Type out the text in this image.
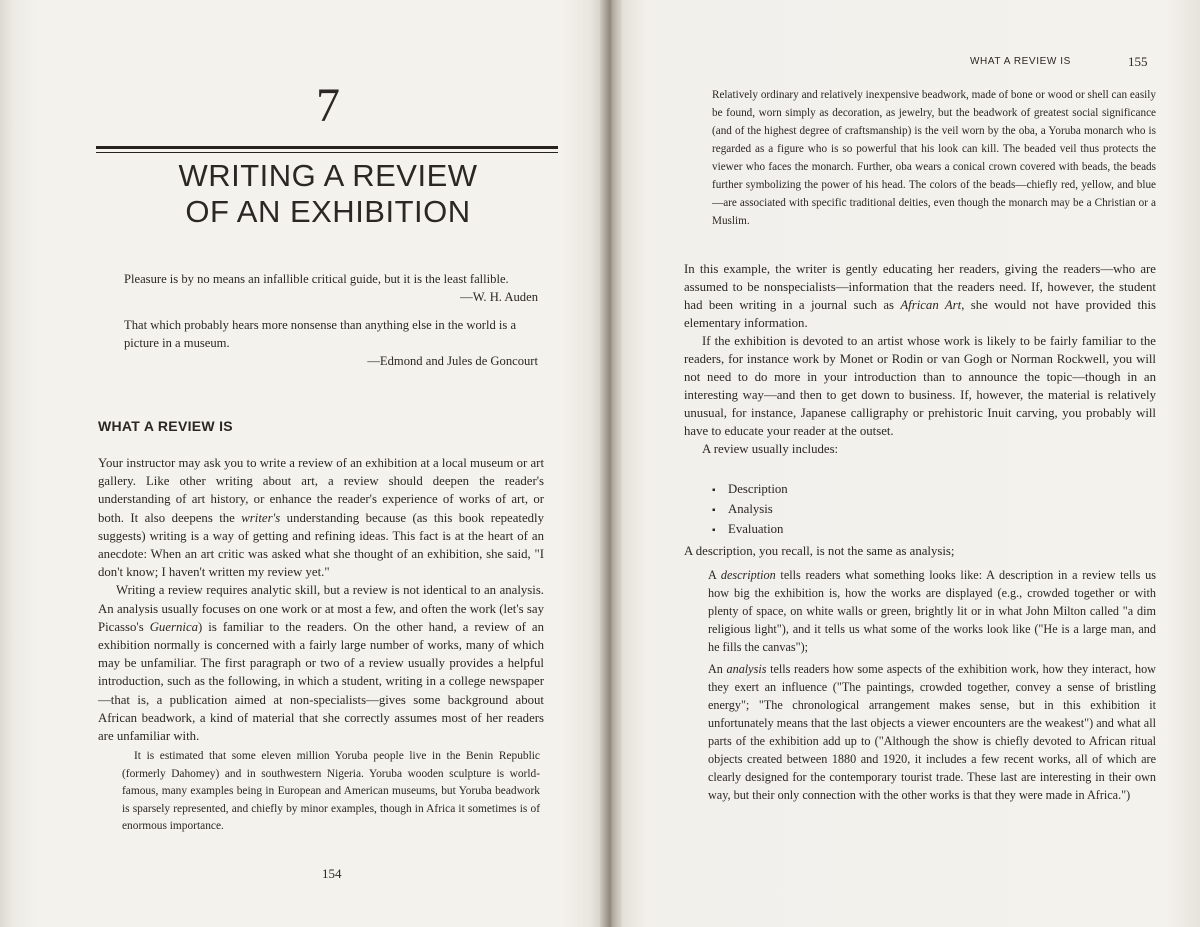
7
WRITING A REVIEW
OF AN EXHIBITION
Pleasure is by no means an infallible critical guide, but it is the least fallible.
—W. H. Auden
That which probably hears more nonsense than anything else in the world is a picture in a museum.
—Edmond and Jules de Goncourt
WHAT A REVIEW IS

Your instructor may ask you to write a review of an exhibition at a local museum or art gallery. Like other writing about art, a review should deepen the reader's understanding of art history, or enhance the reader's experience of works of art, or both. It also deepens the writer's understanding because (as this book repeatedly suggests) writing is a way of getting and refining ideas. This fact is at the heart of an anecdote: When an art critic was asked what she thought of an exhibition, she said, "I don't know; I haven't written my review yet."

Writing a review requires analytic skill, but a review is not identical to an analysis. An analysis usually focuses on one work or at most a few, and often the work (let's say Picasso's Guernica) is familiar to the readers. On the other hand, a review of an exhibition normally is concerned with a fairly large number of works, many of which may be unfamiliar. The first paragraph or two of a review usually provides a helpful introduction, such as the following, in which a student, writing in a college newspaper—that is, a publication aimed at non-specialists—gives some background about African beadwork, a kind of material that she correctly assumes most of her readers are unfamiliar with.

It is estimated that some eleven million Yoruba people live in the Benin Republic (formerly Dahomey) and in southwestern Nigeria. Yoruba wooden sculpture is world-famous, many examples being in European and American museums, but Yoruba beadwork is sparsely represented, and chiefly by minor examples, though in Africa it sometimes is of enormous importance.
154
WHAT A REVIEW IS	155
Relatively ordinary and relatively inexpensive beadwork, made of bone or wood or shell can easily be found, worn simply as decoration, as jewelry, but the beadwork of greatest social significance (and of the highest degree of craftsmanship) is the veil worn by the oba, a Yoruba monarch who is regarded as a figure who is so powerful that his look can kill. The beaded veil thus protects the viewer who faces the monarch. Further, oba wears a conical crown covered with beads, the beads further symbolizing the power of his head. The colors of the beads—chiefly red, yellow, and blue—are associated with specific traditional deities, even though the monarch may be a Christian or a Muslim.

In this example, the writer is gently educating her readers, giving the readers—who are assumed to be nonspecialists—information that the readers need. If, however, the student had been writing in a journal such as African Art, she would not have provided this elementary information.

If the exhibition is devoted to an artist whose work is likely to be fairly familiar to the readers, for instance work by Monet or Rodin or van Gogh or Norman Rockwell, you will not need to do more in your introduction than to announce the topic—though in an interesting way—and then to get down to business. If, however, the material is relatively unusual, for instance, Japanese calligraphy or prehistoric Inuit carving, you probably will have to educate your reader at the outset.

A review usually includes:

▪ Description
▪ Analysis
▪ Evaluation
A description, you recall, is not the same as analysis;
A description tells readers what something looks like: A description in a review tells us how big the exhibition is, how the works are displayed (e.g., crowded together or with plenty of space, on white walls or green, brightly lit or in what John Milton called "a dim religious light"), and it tells us what some of the works look like ("He is a large man, and he fills the canvas");
An analysis tells readers how some aspects of the exhibition work, how they interact, how they exert an influence ("The paintings, crowded together, convey a sense of bristling energy"; "The chronological arrangement makes sense, but in this exhibition it unfortunately means that the last objects a viewer encounters are the weakest") and what all parts of the exhibition add up to ("Although the show is chiefly devoted to African ritual objects created between 1880 and 1920, it includes a few recent works, all of which are clearly designed for the contemporary tourist trade. These last are interesting in their own way, but their only connection with the other works is that they were made in Africa.")
